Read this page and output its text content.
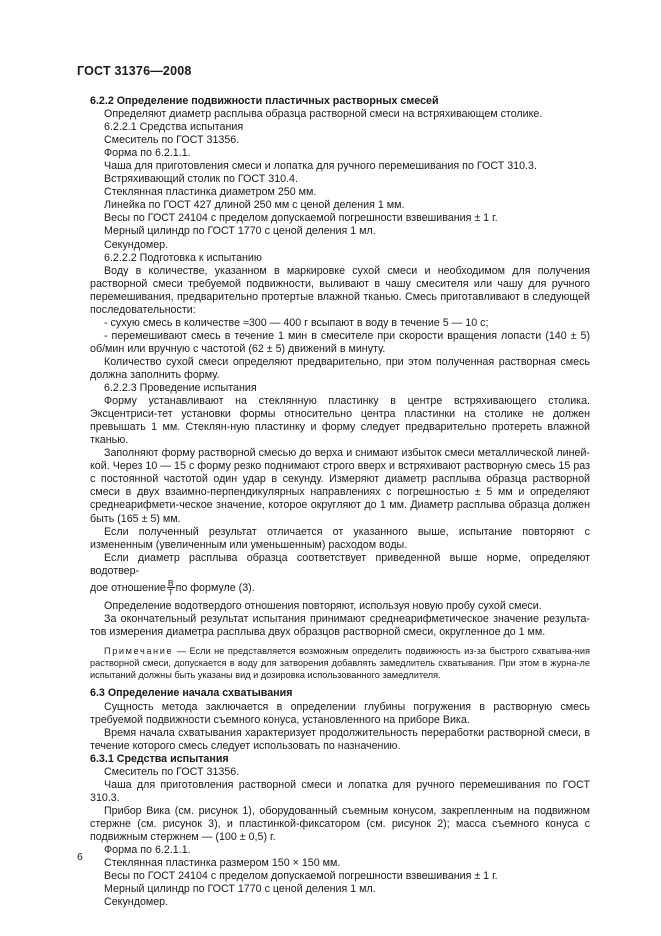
ГОСТ 31376—2008

6.2.2 Определение подвижности пластичных растворных смесей

Определяют диаметр расплыва образца растворной смеси на встряхивающем столике.

6.2.2.1 Средства испытания

Смеситель по ГОСТ 31356.

Форма по 6.2.1.1.

Чаша для приготовления смеси и лопатка для ручного перемешивания по ГОСТ 310.3.

Встряхивающий столик по ГОСТ 310.4.

Стеклянная пластинка диаметром 250 мм.

Линейка по ГОСТ 427 длиной 250 мм с ценой деления 1 мм.

Весы по ГОСТ 24104 с пределом допускаемой погрешности взвешивания ± 1 г.

Мерный цилиндр по ГОСТ 1770 с ценой деления 1 мл.

Секундомер.

6.2.2.2 Подготовка к испытанию

Воду в количестве, указанном в маркировке сухой смеси и необходимом для получения растворной смеси требуемой подвижности, выливают в чашу смесителя или чашу для ручного перемешивания, предварительно протертые влажной тканью. Смесь приготавливают в следующей последовательности:

- сухую смесь в количестве ≈300 — 400 г всыпают в воду в течение 5 — 10 с;

- перемешивают смесь в течение 1 мин в смесителе при скорости вращения лопасти (140 ± 5) об/мин или вручную с частотой (62 ± 5) движений в минуту.

Количество сухой смеси определяют предварительно, при этом полученная растворная смесь должна заполнить форму.

6.2.2.3 Проведение испытания

Форму устанавливают на стеклянную пластинку в центре встряхивающего столика. Эксцентриси-тет установки формы относительно центра пластинки на столике не должен превышать 1 мм. Стеклян-ную пластинку и форму следует предварительно протереть влажной тканью.

Заполняют форму растворной смесью до верха и снимают избыток смеси металлической линей-кой. Через 10 — 15 с форму резко поднимают строго вверх и встряхивают растворную смесь 15 раз с постоянной частотой один удар в секунду. Измеряют диаметр расплыва образца растворной смеси в двух взаимно-перпендикулярных направлениях с погрешностью ± 5 мм и определяют среднеарифмети-ческое значение, которое округляют до 1 мм. Диаметр расплыва образца должен быть (165 ± 5) мм.

Если полученный результат отличается от указанного выше, испытание повторяют с измененным (увеличенным или уменьшенным) расходом воды.

Если диаметр расплыва образца соответствует приведенной выше норме, определяют водотвер-

дое отношение $\frac{В}{Т}$ по формуле (3).

Определение водотвердого отношения повторяют, используя новую пробу сухой смеси.

За окончательный результат испытания принимают среднеарифметическое значение результа-тов измерения диаметра расплыва двух образцов растворной смеси, округленное до 1 мм.

Примечание — Если не представляется возможным определить подвижность из-за быстрого схватыва-ния растворной смеси, допускается в воду для затворения добавлять замедлитель схватывания. При этом в журна-ле испытаний должны быть указаны вид и дозировка использованного замедлителя.

6.3 Определение начала схватывания

Сущность метода заключается в определении глубины погружения в растворную смесь требуемой подвижности съемного конуса, установленного на приборе Вика.

Время начала схватывания характеризует продолжительность переработки растворной смеси, в течение которого смесь следует использовать по назначению.

6.3.1 Средства испытания

Смеситель по ГОСТ 31356.

Чаша для приготовления растворной смеси и лопатка для ручного перемешивания по ГОСТ 310.3.

Прибор Вика (см. рисунок 1), оборудованный съемным конусом, закрепленным на подвижном стержне (см. рисунок 3), и пластинкой-фиксатором (см. рисунок 2); масса съемного конуса с подвижным стержнем — (100 ± 0,5) г.

Форма по 6.2.1.1.

Стеклянная пластинка размером 150 × 150 мм.

Весы по ГОСТ 24104 с пределом допускаемой погрешности взвешивания ± 1 г.

Мерный цилиндр по ГОСТ 1770 с ценой деления 1 мл.

Секундомер.

6
